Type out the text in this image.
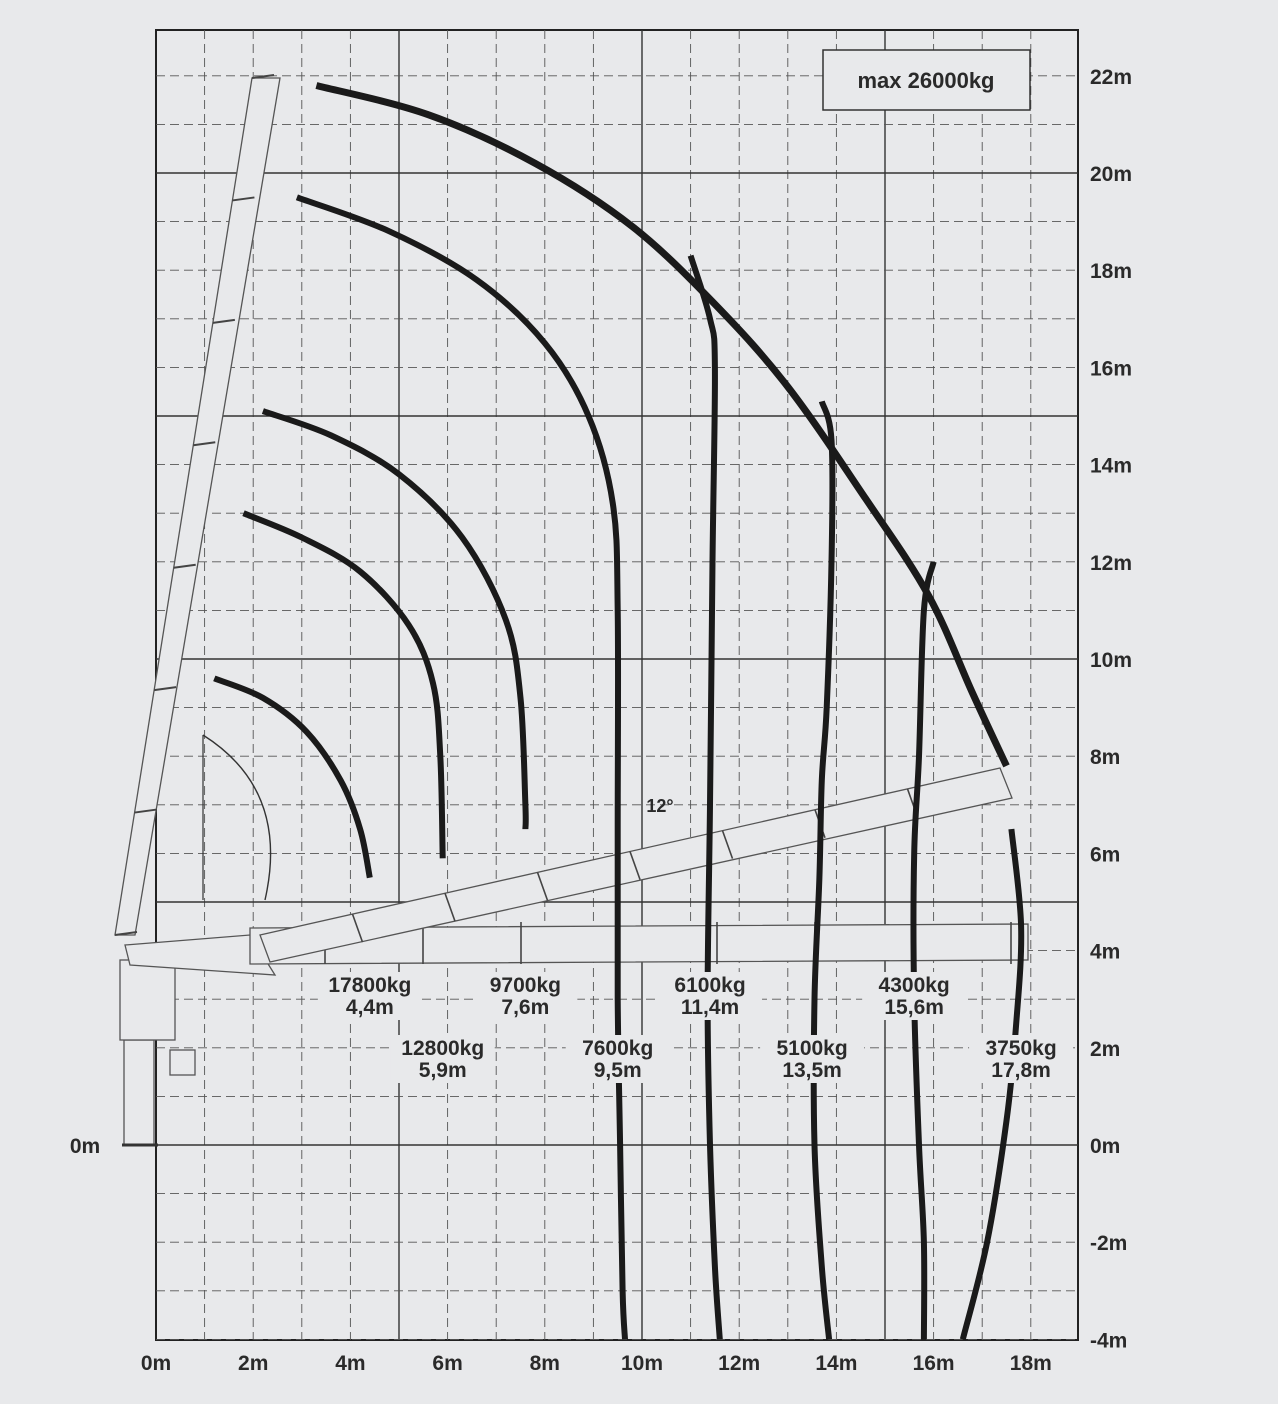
0m	2m	4m	6m	8m	10m	12m	14m	16m	18m
22m
20m
18m
16m
14m
12m
10m
8m
6m
4m
2m
0m
-2m
-4m
17800kg
4,4m
9700kg
7,6m
6100kg
11,4m
4300kg
15,6m
12800kg
5,9m
7600kg
9,5m
5100kg
13,5m
3750kg
17,8m
max 26000kg
12°
0m
